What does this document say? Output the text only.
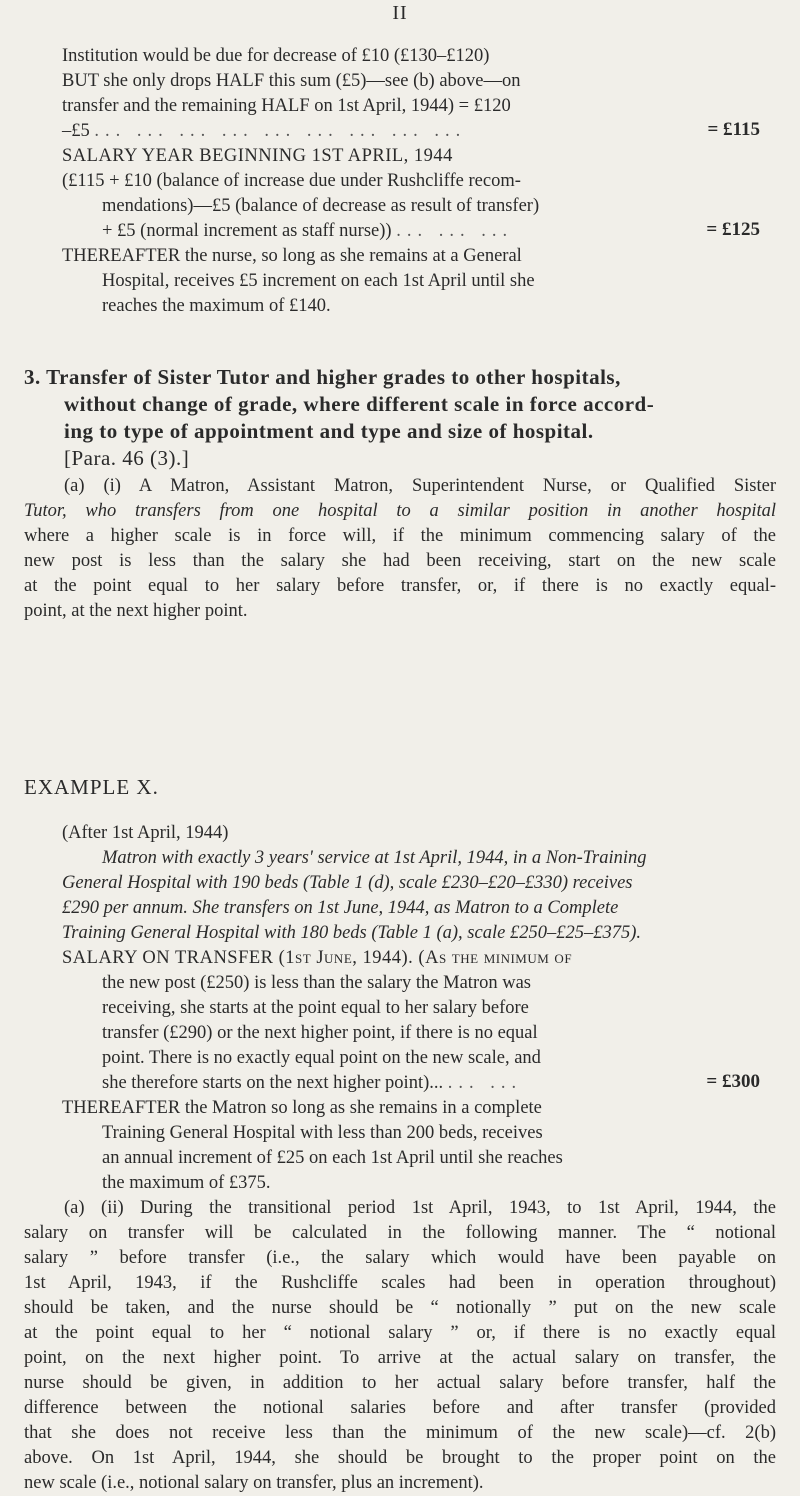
II
Institution would be due for decrease of £10 (£130–£120)
BUT she only drops HALF this sum (£5)—see (b) above—on
transfer and the remaining HALF on 1st April, 1944) = £120
–£5 ... ... ... ... ... ... ... ... ...	= £115
SALARY YEAR BEGINNING 1ST APRIL, 1944
(£115 + £10 (balance of increase due under Rushcliffe recom-
mendations)—£5 (balance of decrease as result of transfer)
+ £5 (normal increment as staff nurse)) ... ... ...	= £125
THEREAFTER the nurse, so long as she remains at a General
Hospital, receives £5 increment on each 1st April until she
reaches the maximum of £140.
3. Transfer of Sister Tutor and higher grades to other hospitals,
without change of grade, where different scale in force accord-
ing to type of appointment and type and size of hospital.
[Para. 46 (3).]
(a) (i) A Matron, Assistant Matron, Superintendent Nurse, or Qualified Sister
Tutor, who transfers from one hospital to a similar position in another hospital
where a higher scale is in force will, if the minimum commencing salary of the
new post is less than the salary she had been receiving, start on the new scale
at the point equal to her salary before transfer, or, if there is no exactly equal-
point, at the next higher point.
EXAMPLE X.
(After 1st April, 1944)
Matron with exactly 3 years' service at 1st April, 1944, in a Non-Training
General Hospital with 190 beds (Table 1 (d), scale £230–£20–£330) receives
£290 per annum. She transfers on 1st June, 1944, as Matron to a Complete
Training General Hospital with 180 beds (Table 1 (a), scale £250–£25–£375).
SALARY ON TRANSFER (1st June, 1944). (As the minimum of
the new post (£250) is less than the salary the Matron was
receiving, she starts at the point equal to her salary before
transfer (£290) or the next higher point, if there is no equal
point. There is no exactly equal point on the new scale, and
she therefore starts on the next higher point)... ... ...	= £300
THEREAFTER the Matron so long as she remains in a complete
Training General Hospital with less than 200 beds, receives
an annual increment of £25 on each 1st April until she reaches
the maximum of £375.
(a) (ii) During the transitional period 1st April, 1943, to 1st April, 1944, the
salary on transfer will be calculated in the following manner. The “ notional
salary ” before transfer (i.e., the salary which would have been payable on
1st April, 1943, if the Rushcliffe scales had been in operation throughout)
should be taken, and the nurse should be “ notionally ” put on the new scale
at the point equal to her “ notional salary ” or, if there is no exactly equal
point, on the next higher point. To arrive at the actual salary on transfer, the
nurse should be given, in addition to her actual salary before transfer, half the
difference between the notional salaries before and after transfer (provided
that she does not receive less than the minimum of the new scale)—cf. 2(b)
above. On 1st April, 1944, she should be brought to the proper point on the
new scale (i.e., notional salary on transfer, plus an increment).
